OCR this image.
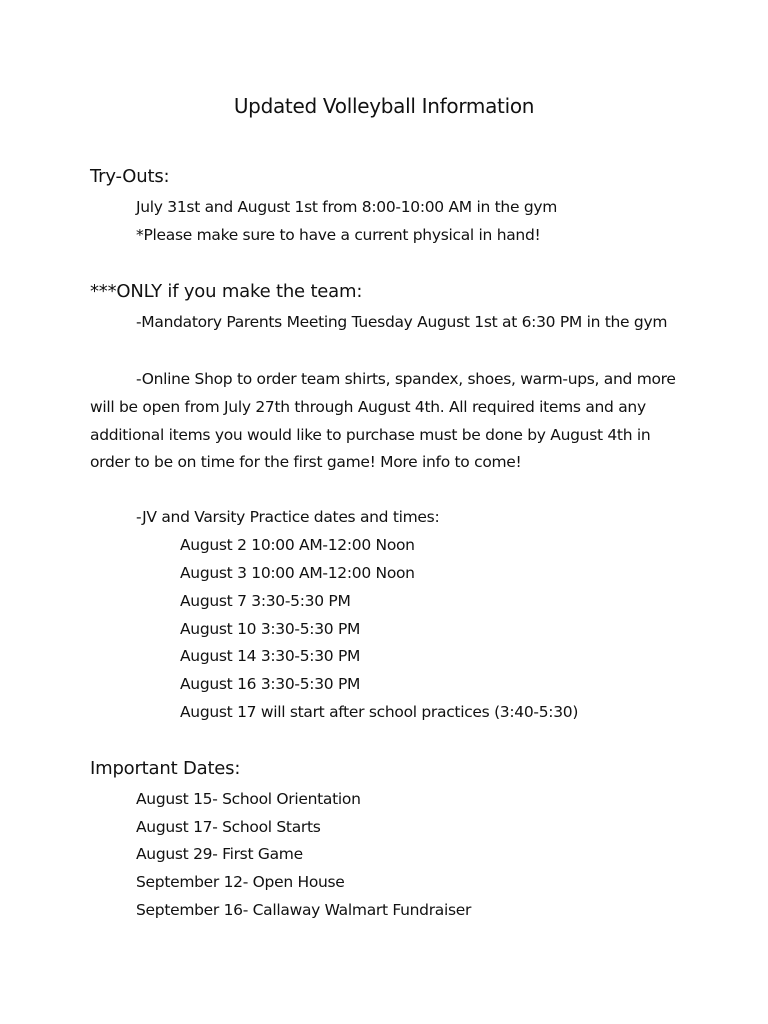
Updated Volleyball Information
Try-Outs:
July 31st and August 1st from 8:00-10:00 AM in the gym
*Please make sure to have a current physical in hand!
***ONLY if you make the team:
-Mandatory Parents Meeting Tuesday August 1st at 6:30 PM in the gym
-Online Shop to order team shirts, spandex, shoes, warm-ups, and more will be open from July 27th through August 4th. All required items and any additional items you would like to purchase must be done by August 4th in order to be on time for the first game! More info to come!
-JV and Varsity Practice dates and times:
August 2 10:00 AM-12:00 Noon
August 3 10:00 AM-12:00 Noon
August 7 3:30-5:30 PM
August 10 3:30-5:30 PM
August 14 3:30-5:30 PM
August 16 3:30-5:30 PM
August 17 will start after school practices (3:40-5:30)
Important Dates:
August 15- School Orientation
August 17- School Starts
August 29- First Game
September 12- Open House
September 16- Callaway Walmart Fundraiser
